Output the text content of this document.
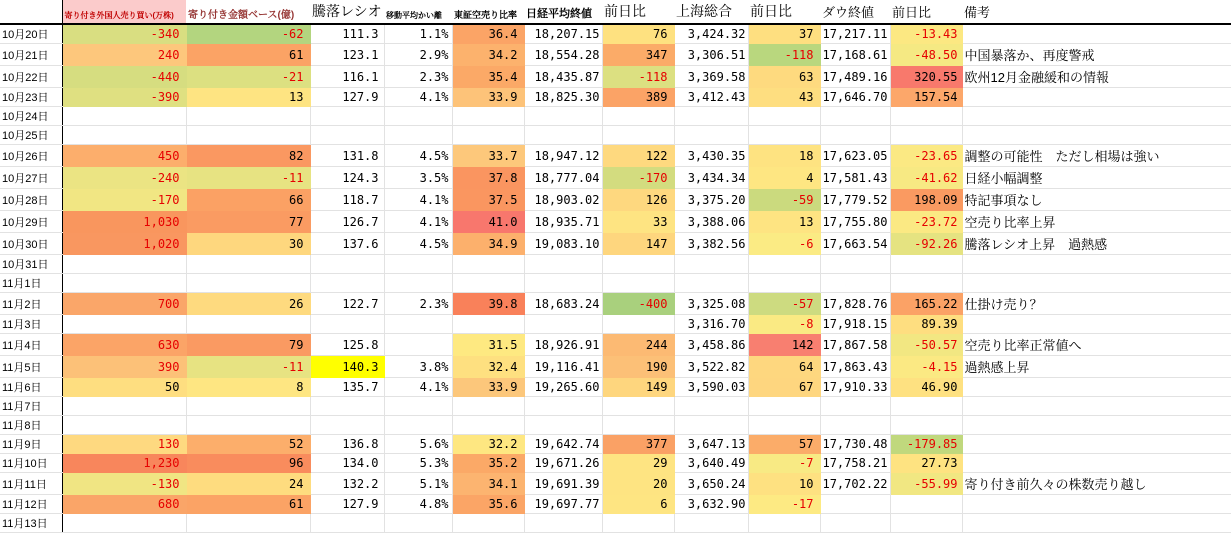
	寄り付き外国人売り買い(万株)	寄り付き金額ベース(億)	騰落レシオ	移動平均かい離	東証空売り比率	日経平均終値	前日比	上海総合	前日比	ダウ終値	前日比	備考
10月20日	-340	-62	111.3	1.1%	36.4	18,207.15	76	3,424.32	37	17,217.11	-13.43	
10月21日	240	61	123.1	2.9%	34.2	18,554.28	347	3,306.51	-118	17,168.61	-48.50	中国暴落か、再度警戒
10月22日	-440	-21	116.1	2.3%	35.4	18,435.87	-118	3,369.58	63	17,489.16	320.55	欧州12月金融緩和の情報
10月23日	-390	13	127.9	4.1%	33.9	18,825.30	389	3,412.43	43	17,646.70	157.54	
10月24日												
10月25日												
10月26日	450	82	131.8	4.5%	33.7	18,947.12	122	3,430.35	18	17,623.05	-23.65	調整の可能性　ただし相場は強い
10月27日	-240	-11	124.3	3.5%	37.8	18,777.04	-170	3,434.34	4	17,581.43	-41.62	日経小幅調整
10月28日	-170	66	118.7	4.1%	37.5	18,903.02	126	3,375.20	-59	17,779.52	198.09	特記事項なし
10月29日	1,030	77	126.7	4.1%	41.0	18,935.71	33	3,388.06	13	17,755.80	-23.72	空売り比率上昇
10月30日	1,020	30	137.6	4.5%	34.9	19,083.10	147	3,382.56	-6	17,663.54	-92.26	騰落レシオ上昇　過熱感
10月31日												
11月1日												
11月2日	700	26	122.7	2.3%	39.8	18,683.24	-400	3,325.08	-57	17,828.76	165.22	仕掛け売り？
11月3日								3,316.70	-8	17,918.15	89.39	
11月4日	630	79	125.8		31.5	18,926.91	244	3,458.86	142	17,867.58	-50.57	空売り比率正常値へ
11月5日	390	-11	140.3	3.8%	32.4	19,116.41	190	3,522.82	64	17,863.43	-4.15	過熱感上昇
11月6日	50	8	135.7	4.1%	33.9	19,265.60	149	3,590.03	67	17,910.33	46.90	
11月7日												
11月8日												
11月9日	130	52	136.8	5.6%	32.2	19,642.74	377	3,647.13	57	17,730.48	-179.85	
11月10日	1,230	96	134.0	5.3%	35.2	19,671.26	29	3,640.49	-7	17,758.21	27.73	
11月11日	-130	24	132.2	5.1%	34.1	19,691.39	20	3,650.24	10	17,702.22	-55.99	寄り付き前久々の株数売り越し
11月12日	680	61	127.9	4.8%	35.6	19,697.77	6	3,632.90	-17			
11月13日												
